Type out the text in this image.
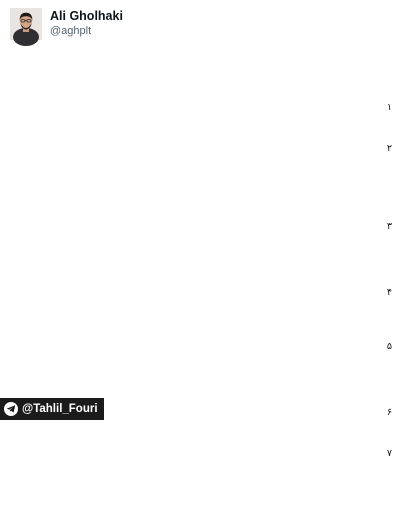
Ali Gholhaki
@aghplt
۱
۲
۳
۴
۵
۶
۷
@Tahlil_Fouri
